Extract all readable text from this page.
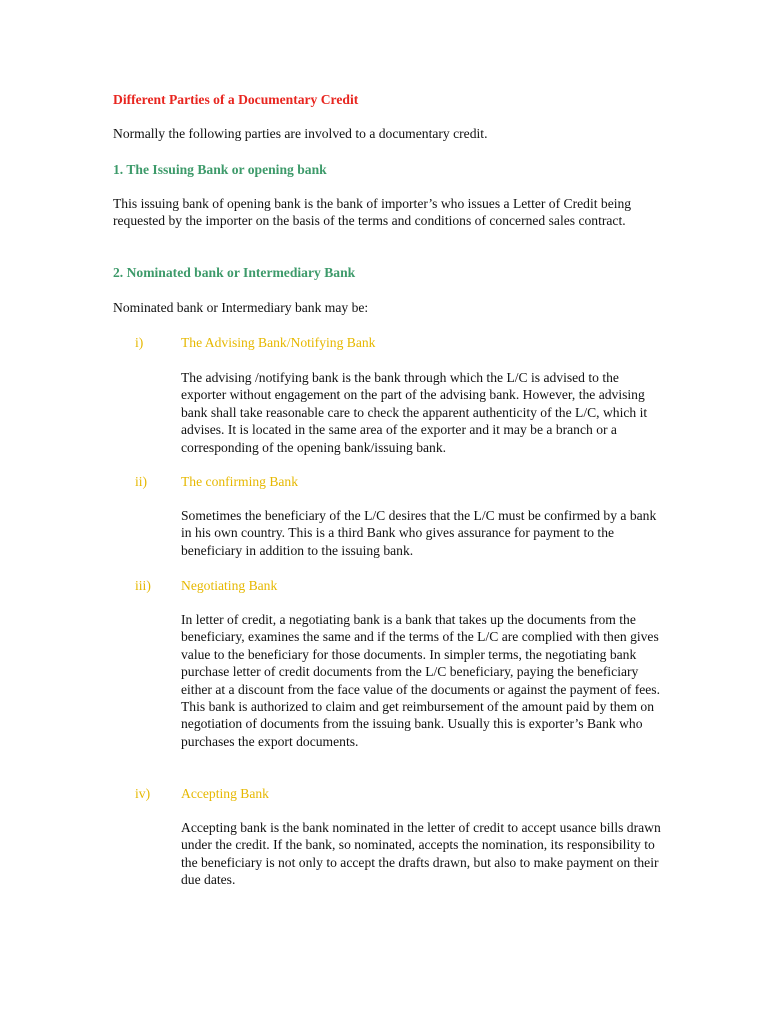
Different Parties of a Documentary Credit

Normally the following parties are involved to a documentary credit.

1. The Issuing Bank or opening bank

This issuing bank of opening bank is the bank of importer’s who issues a Letter of Credit being requested by the importer on the basis of the terms and conditions of concerned sales contract.

2. Nominated bank or Intermediary Bank

Nominated bank or Intermediary bank may be:

i)	The Advising Bank/Notifying Bank

The advising /notifying bank is the bank through which the L/C is advised to the exporter without engagement on the part of the advising bank. However, the advising bank shall take reasonable care to check the apparent authenticity of the L/C, which it advises. It is located in the same area of the exporter and it may be a branch or a corresponding of the opening bank/issuing bank.

ii) The confirming Bank

Sometimes the beneficiary of the L/C desires that the L/C must be confirmed by a bank in his own country. This is a third Bank who gives assurance for payment to the beneficiary in addition to the issuing bank.

iii) Negotiating Bank

In letter of credit, a negotiating bank is a bank that takes up the documents from the beneficiary, examines the same and if the terms of the L/C are complied with then gives value to the beneficiary for those documents. In simpler terms, the negotiating bank purchase letter of credit documents from the L/C beneficiary, paying the beneficiary either at a discount from the face value of the documents or against the payment of fees. This bank is authorized to claim and get reimbursement of the amount paid by them on negotiation of documents from the issuing bank. Usually this is exporter’s Bank who purchases the export documents.

iv) Accepting Bank

Accepting bank is the bank nominated in the letter of credit to accept usance bills drawn under the credit. If the bank, so nominated, accepts the nomination, its responsibility to the beneficiary is not only to accept the drafts drawn, but also to make payment on their due dates.
